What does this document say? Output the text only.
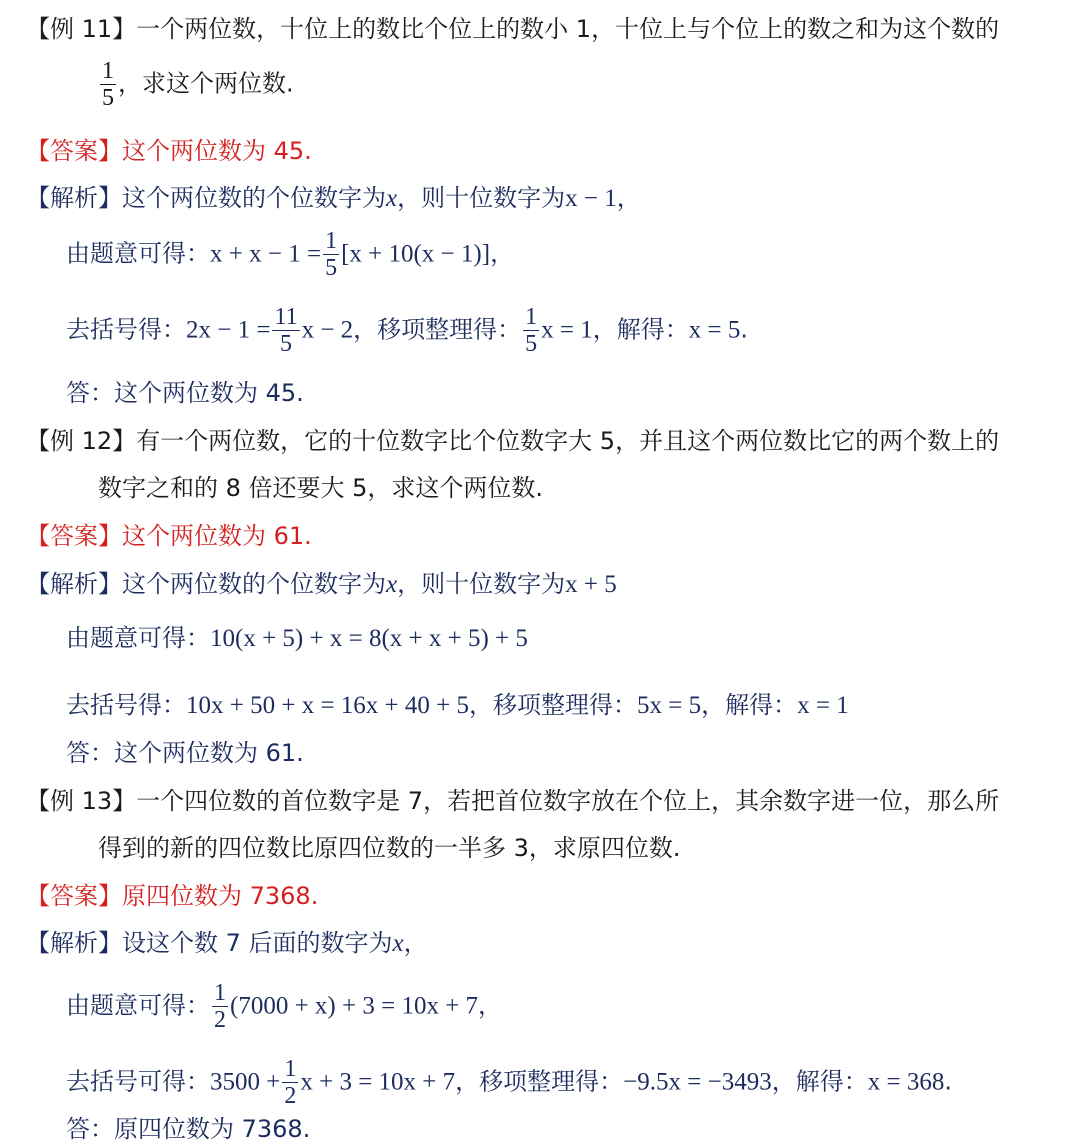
【例 11】一个两位数，十位上的数比个位上的数小 1，十位上与个位上的数之和为这个数的
$\frac{1}{5}$ ，求这个两位数.
【答案】这个两位数为 45.
【解析】这个两位数的个位数字为x，则十位数字为x − 1，
由题意可得：$x + x - 1 = \frac{1}{5} [x + 10(x - 1)]$，
去括号得：$2x - 1 = \frac{11}{5}$ x − 2，移项整理得： $\frac{1}{5}$ x = 1，解得：x = 5.
答：这个两位数为 45.
【例 12】有一个两位数，它的十位数字比个位数字大 5，并且这个两位数比它的两个数上的
数字之和的 8 倍还要大 5，求这个两位数.
【答案】这个两位数为 61.
【解析】这个两位数的个位数字为x，则十位数字为x + 5
由题意可得：10(x + 5) + x = 8(x + x + 5) + 5
去括号得：10x + 50 + x = 16x + 40 + 5，移项整理得：5x = 5，解得：x = 1
答：这个两位数为 61.
【例 13】一个四位数的首位数字是 7，若把首位数字放在个位上，其余数字进一位，那么所
得到的新的四位数比原四位数的一半多 3，求原四位数.
【答案】原四位数为 7368.
【解析】设这个数 7 后面的数字为x，
由题意可得： $\frac{1}{2} (7000 + x) + 3 = 10x + 7$，
去括号可得：$3500 + \frac{1}{2}$ x + 3 = 10x + 7，移项整理得：−9.5x = −3493，解得：x = 368.
答：原四位数为 7368.
